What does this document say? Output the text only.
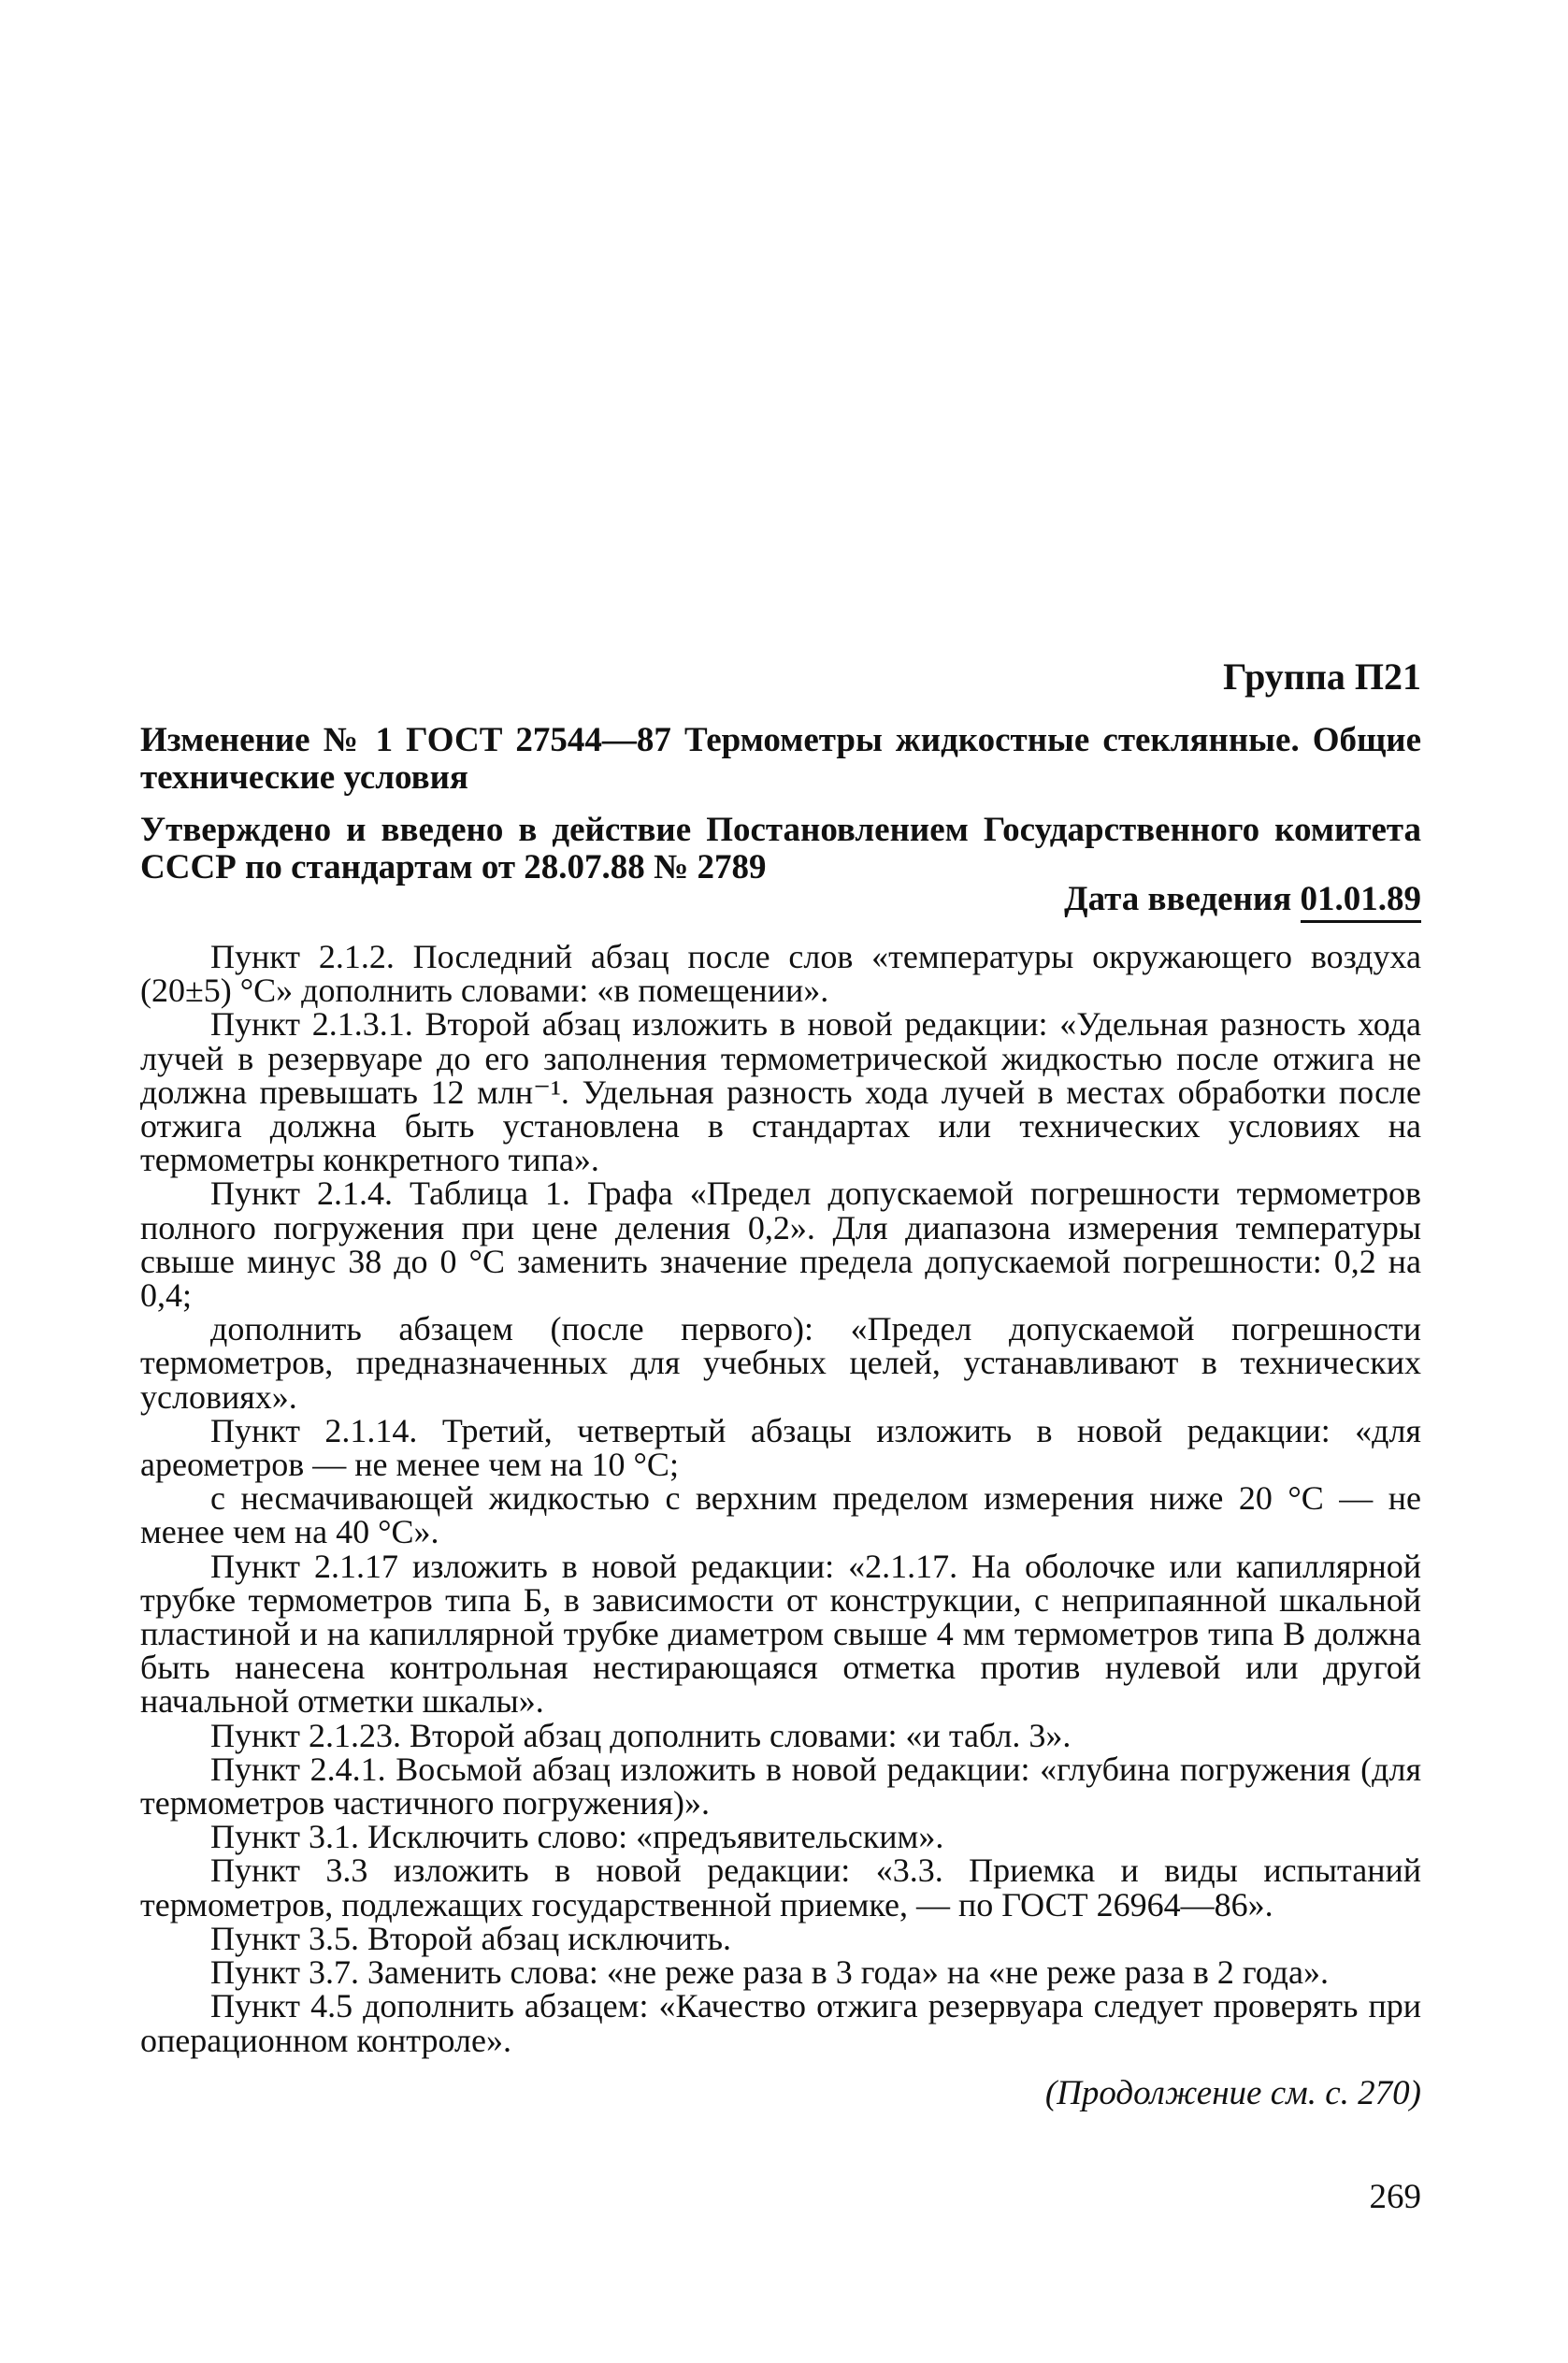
Группа П21
Изменение № 1 ГОСТ 27544—87 Термометры жидкостные стеклянные. Общие технические условия
Утверждено и введено в действие Постановлением Государственного комитета СССР по стандартам от 28.07.88 № 2789
Дата введения 01.01.89

Пункт 2.1.2. Последний абзац после слов «температуры окружающего воздуха (20±5) °С» дополнить словами: «в помещении».

Пункт 2.1.3.1. Второй абзац изложить в новой редакции: «Удельная разность хода лучей в резервуаре до его заполнения термометрической жидкостью после отжига не должна превышать 12 млн⁻¹. Удельная разность хода лучей в местах обработки после отжига должна быть установлена в стандартах или технических условиях на термометры конкретного типа».

Пункт 2.1.4. Таблица 1. Графа «Предел допускаемой погрешности термометров полного погружения при цене деления 0,2». Для диапазона измерения температуры свыше минус 38 до 0 °С заменить значение предела допускаемой погрешности: 0,2 на 0,4;

дополнить абзацем (после первого): «Предел допускаемой погрешности термометров, предназначенных для учебных целей, устанавливают в технических условиях».

Пункт 2.1.14. Третий, четвертый абзацы изложить в новой редакции: «для ареометров — не менее чем на 10 °С;

с несмачивающей жидкостью с верхним пределом измерения ниже 20 °С — не менее чем на 40 °С».

Пункт 2.1.17 изложить в новой редакции: «2.1.17. На оболочке или капиллярной трубке термометров типа Б, в зависимости от конструкции, с неприпаянной шкальной пластиной и на капиллярной трубке диаметром свыше 4 мм термометров типа В должна быть нанесена контрольная нестирающаяся отметка против нулевой или другой начальной отметки шкалы».

Пункт 2.1.23. Второй абзац дополнить словами: «и табл. 3».

Пункт 2.4.1. Восьмой абзац изложить в новой редакции: «глубина погружения (для термометров частичного погружения)».

Пункт 3.1. Исключить слово: «предъявительским».

Пункт 3.3 изложить в новой редакции: «3.3. Приемка и виды испытаний термометров, подлежащих государственной приемке, — по ГОСТ 26964—86».

Пункт 3.5. Второй абзац исключить.

Пункт 3.7. Заменить слова: «не реже раза в 3 года» на «не реже раза в 2 года».

Пункт 4.5 дополнить абзацем: «Качество отжига резервуара следует проверять при операционном контроле».

(Продолжение см. с. 270)
269
